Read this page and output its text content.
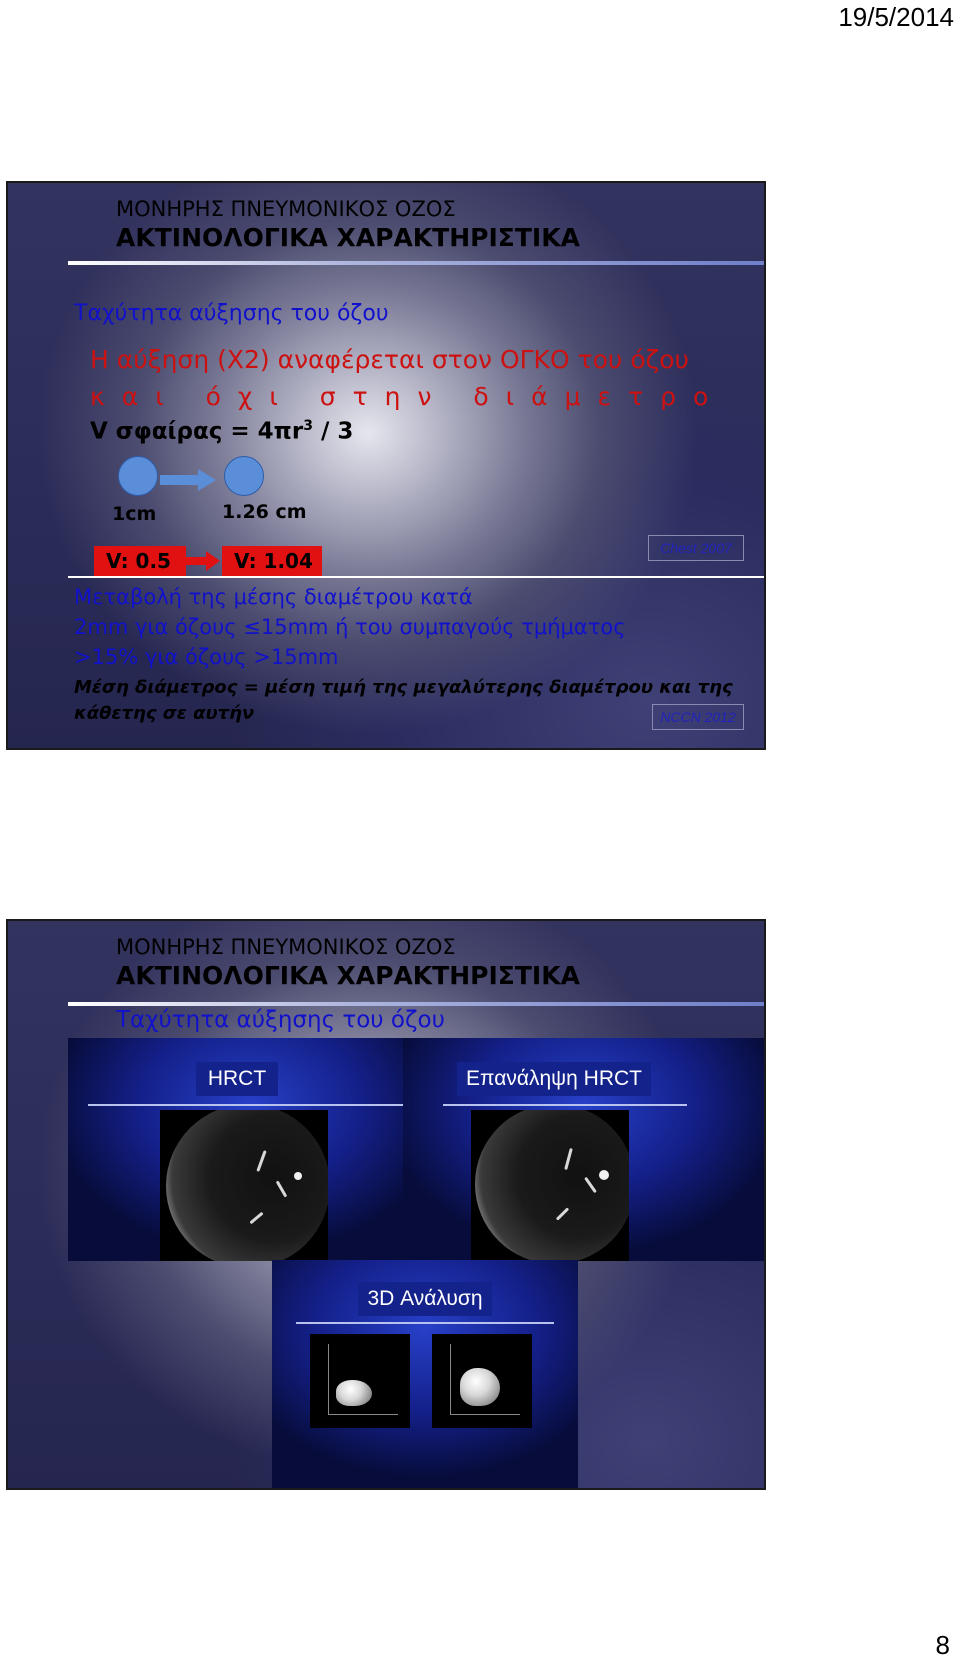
19/5/2014
ΜΟΝΗΡΗΣ ΠΝΕΥΜΟΝΙΚΟΣ ΟΖΟΣ
ΑΚΤΙΝΟΛΟΓΙΚΑ ΧΑΡΑΚΤΗΡΙΣΤΙΚΑ
Ταχύτητα αύξησης του όζου
Η αύξηση (Χ2) αναφέρεται στον ΟΓΚΟ του όζου
και όχι στην διάμετρο
V $\sigma\varphi\alpha ί\rho\alpha\varsigma = 4\pi r^3 / 3$
1cm	1.26 cm
V: 0.5	V: 1.04
Chest 2007
Μεταβολή της μέσης διαμέτρου κατά
2mm για όζους ≤15mm ή του συμπαγούς τμήματος
>15% για όζους >15mm
Μέση διάμετρος = μέση τιμή της μεγαλύτερης διαμέτρου και της
κάθετης σε αυτήν	NCCN 2012
ΜΟΝΗΡΗΣ ΠΝΕΥΜΟΝΙΚΟΣ ΟΖΟΣ
ΑΚΤΙΝΟΛΟΓΙΚΑ ΧΑΡΑΚΤΗΡΙΣΤΙΚΑ
Ταχύτητα αύξησης του όζου
HRCT	Επανάληψη HRCT
3D Ανάλυση
8
